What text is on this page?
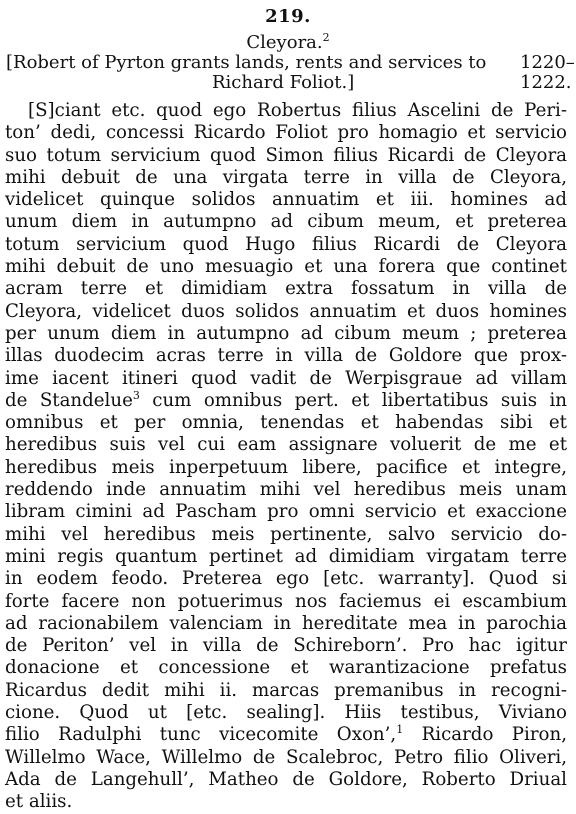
219.
Cleyora.$^2$
[Robert of Pyrton grants lands, rents and services to
Richard Foliot.]
1220–
1222.
[S]ciant etc. quod ego Robertus filius Ascelini de Peri-
ton’ dedi, concessi Ricardo Foliot pro homagio et servicio
suo totum servicium quod Simon filius Ricardi de Cleyora
mihi debuit de una virgata terre in villa de Cleyora,
videlicet quinque solidos annuatim et iii. homines ad
unum diem in autumpno ad cibum meum, et preterea
totum servicium quod Hugo filius Ricardi de Cleyora
mihi debuit de uno mesuagio et una forera que continet
acram terre et dimidiam extra fossatum in villa de
Cleyora, videlicet duos solidos annuatim et duos homines
per unum diem in autumpno ad cibum meum ; preterea
illas duodecim acras terre in villa de Goldore que prox-
ime iacent itineri quod vadit de Werpisgraue ad villam
de Standelue$^3$ cum omnibus pert. et libertatibus suis in
omnibus et per omnia, tenendas et habendas sibi et
heredibus suis vel cui eam assignare voluerit de me et
heredibus meis inperpetuum libere, pacifice et integre,
reddendo inde annuatim mihi vel heredibus meis unam
libram cimini ad Pascham pro omni servicio et exaccione
mihi vel heredibus meis pertinente, salvo servicio do-
mini regis quantum pertinet ad dimidiam virgatam terre
in eodem feodo. Preterea ego [etc. warranty]. Quod si
forte facere non potuerimus nos faciemus ei escambium
ad racionabilem valenciam in hereditate mea in parochia
de Periton’ vel in villa de Schireborn’. Pro hac igitur
donacione et concessione et warantizacione prefatus
Ricardus dedit mihi ii. marcas premanibus in recogni-
cione. Quod ut [etc. sealing]. Hiis testibus, Viviano
filio Radulphi tunc vicecomite Oxon’,$^1$ Ricardo Piron,
Willelmo Wace, Willelmo de Scalebroc, Petro filio Oliveri,
Ada de Langehull’, Matheo de Goldore, Roberto Driual
et aliis.
